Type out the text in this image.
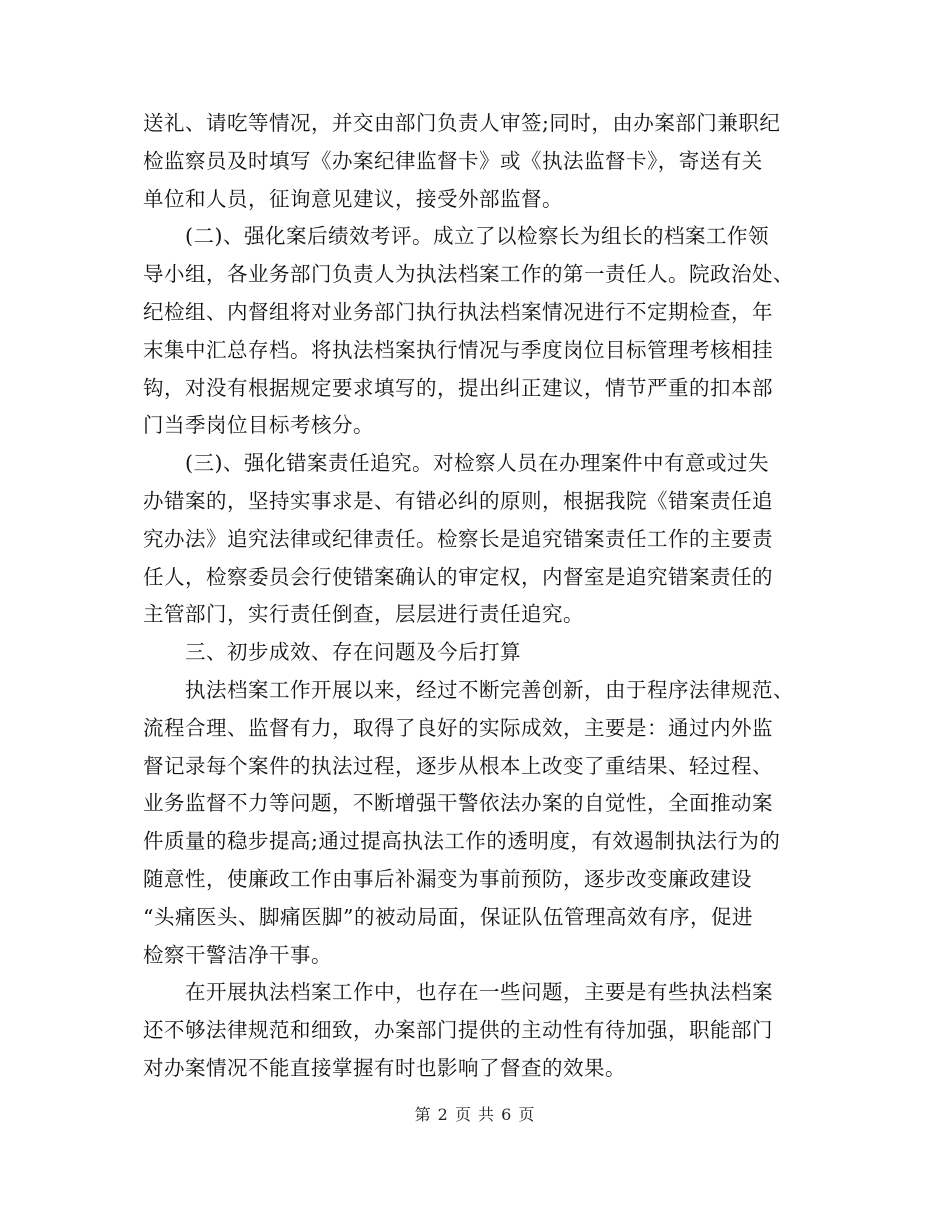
送礼、请吃等情况，并交由部门负责人审签;同时，由办案部门兼职纪
检监察员及时填写《办案纪律监督卡》或《执法监督卡》，寄送有关
单位和人员，征询意见建议，接受外部监督。
　　(二)、强化案后绩效考评。成立了以检察长为组长的档案工作领
导小组，各业务部门负责人为执法档案工作的第一责任人。院政治处、
纪检组、内督组将对业务部门执行执法档案情况进行不定期检查，年
末集中汇总存档。将执法档案执行情况与季度岗位目标管理考核相挂
钩，对没有根据规定要求填写的，提出纠正建议，情节严重的扣本部
门当季岗位目标考核分。
　　(三)、强化错案责任追究。对检察人员在办理案件中有意或过失
办错案的，坚持实事求是、有错必纠的原则，根据我院《错案责任追
究办法》追究法律或纪律责任。检察长是追究错案责任工作的主要责
任人，检察委员会行使错案确认的审定权，内督室是追究错案责任的
主管部门，实行责任倒查，层层进行责任追究。
　　三、初步成效、存在问题及今后打算
　　执法档案工作开展以来，经过不断完善创新，由于程序法律规范、
流程合理、监督有力，取得了良好的实际成效，主要是：通过内外监
督记录每个案件的执法过程，逐步从根本上改变了重结果、轻过程、
业务监督不力等问题，不断增强干警依法办案的自觉性，全面推动案
件质量的稳步提高;通过提高执法工作的透明度，有效遏制执法行为的
随意性，使廉政工作由事后补漏变为事前预防，逐步改变廉政建设
“头痛医头、脚痛医脚”的被动局面，保证队伍管理高效有序，促进
检察干警洁净干事。
　　在开展执法档案工作中，也存在一些问题，主要是有些执法档案
还不够法律规范和细致，办案部门提供的主动性有待加强，职能部门
对办案情况不能直接掌握有时也影响了督查的效果。
第 2 页 共 6 页
